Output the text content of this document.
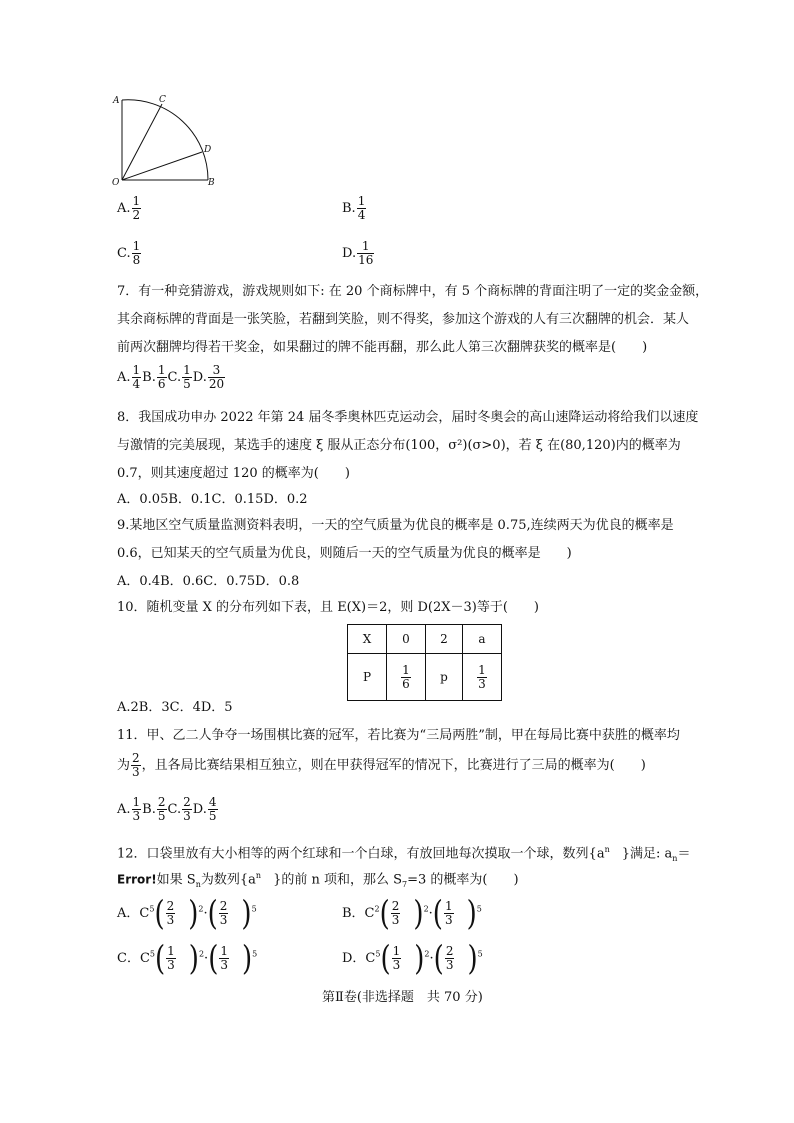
A	C
D
O	B
A. $\frac{1}{2}$	B. $\frac{1}{4}$
C. $\frac{1}{8}$	D. $\frac{1}{16}$
7．有一种竞猜游戏，游戏规则如下: 在 20 个商标牌中，有 5 个商标牌的背面注明了一定的奖金金额，
其余商标牌的背面是一张笑脸，若翻到笑脸，则不得奖，参加这个游戏的人有三次翻牌的机会．某人
前两次翻牌均得若干奖金，如果翻过的牌不能再翻，那么此人第三次翻牌获奖的概率是(　　)
A. $\frac{1}{4} B$. $\frac{1}{6} C$. $\frac{1}{5} D$. $\frac{3}{20}$
8．我国成功申办 2022 年第 24 届冬季奥林匹克运动会，届时冬奥会的高山速降运动将给我们以速度
与激情的完美展现，某选手的速度 ξ 服从正态分布(100，σ²)(σ>0)，若 ξ 在(80,120)内的概率为
0.7，则其速度超过 120 的概率为(　　)
A．0.05B．0.1C．0.15D．0.2
9.某地区空气质量监测资料表明，一天的空气质量为优良的概率是 0.75,连续两天为优良的概率是
0.6，已知某天的空气质量为优良，则随后一天的空气质量为优良的概率是　　)
A．0.4B．0.6C．0.75D．0.8
10．随机变量 X 的分布列如下表，且 E(X)＝2，则 D(2X－3)等于(　　)
X	0	2	a
P	$\frac{1}{6}$	p	$\frac{1}{3}$
A.2B．3C．4D．5
11．甲、乙二人争夺一场围棋比赛的冠军，若比赛为“三局两胜”制，甲在每局比赛中获胜的概率均
为 $\frac{2}{3}$ ，且各局比赛结果相互独立，则在甲获得冠军的情况下，比赛进行了三局的概率为(　　)
A. $\frac{1}{3} B$. $\frac{2}{5} C$. $\frac{2}{3} D$. $\frac{4}{5}$
12．口袋里放有大小相等的两个红球和一个白球，有放回地每次摸取一个球，数列{$a^n$ }满足: $a_n=$
Error!如果 $S_n$为数列{$a^n$ }的前 n 项和，那么 $S_7=3$ 的概率为(　　)
A．$C^5( \frac{2}{3} )^2\cdot( \frac{2}{3} )^5$	B．$C^2( \frac{2}{3} )^2\cdot( \frac{1}{3} )^5$
C．$C^5( \frac{1}{3} )^2\cdot( \frac{1}{3} )^5$	D．$C^5( \frac{1}{3} )^2\cdot( \frac{2}{3} )^5$
第Ⅱ卷(非选择题　共 70 分)
